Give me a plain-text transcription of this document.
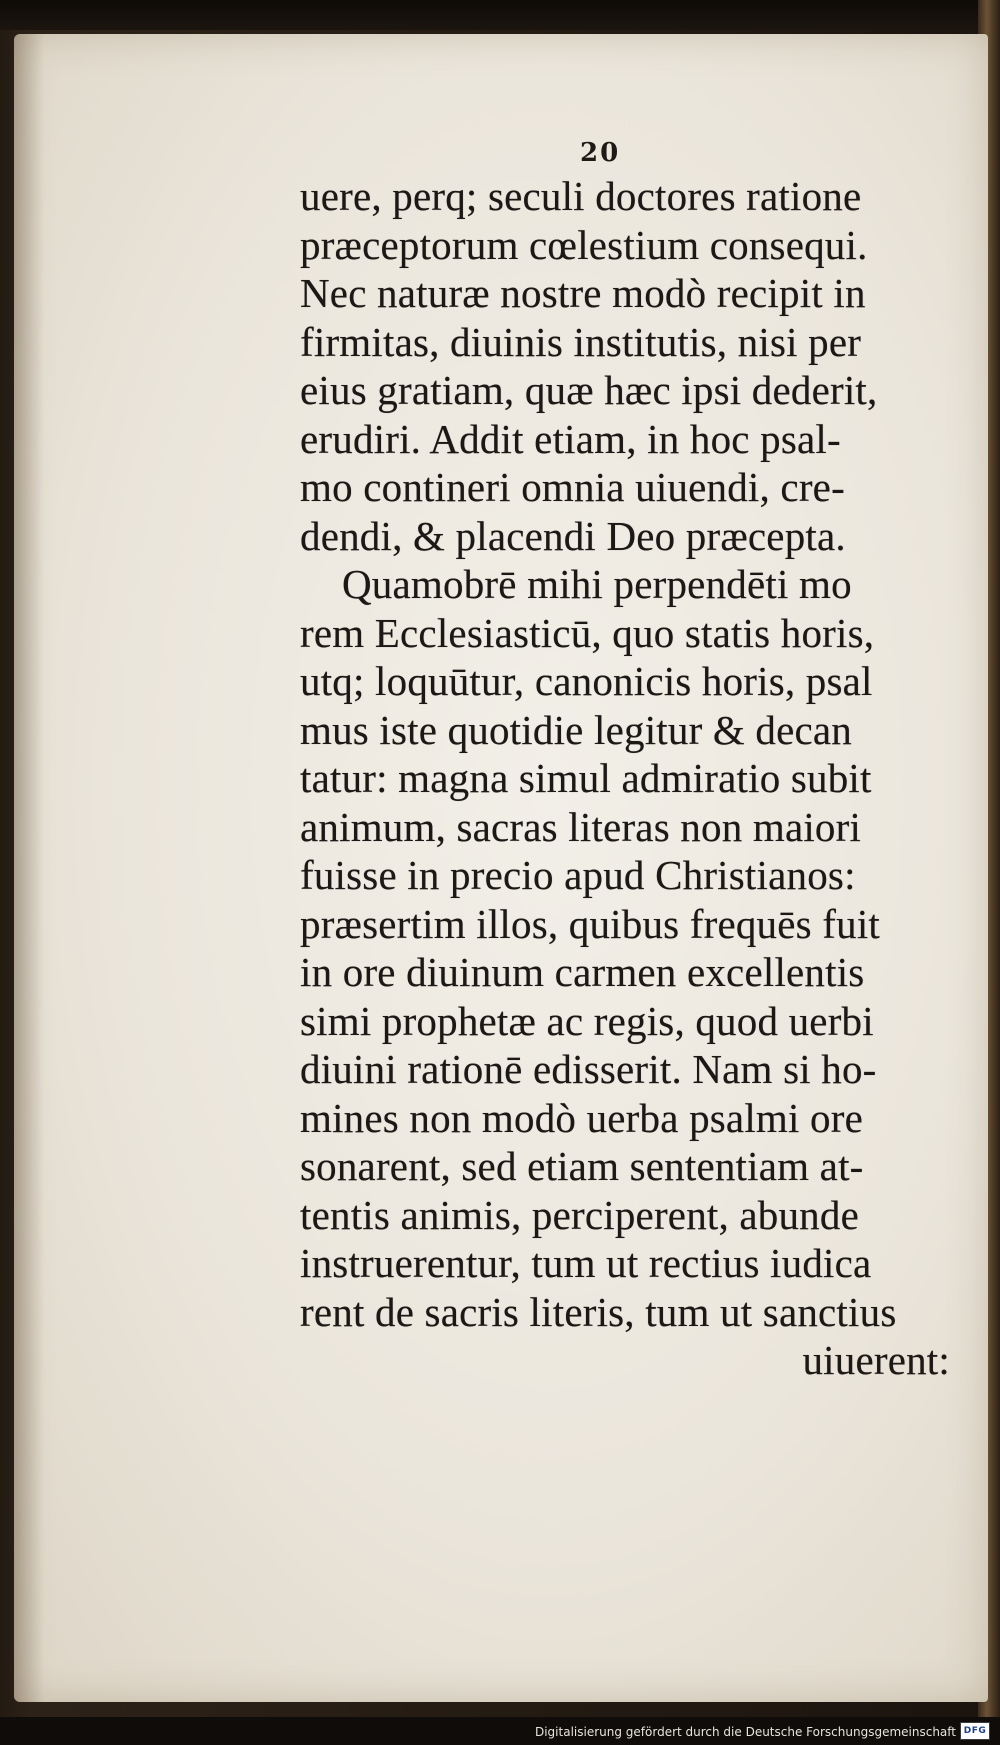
20
uere, perq; seculi doctores ratione
præceptorum cœlestium consequi.
Nec naturæ nostre modò recipit in
firmitas, diuinis institutis, nisi per
eius gratiam, quæ hæc ipsi dederit,
erudiri. Addit etiam, in hoc psal-
mo contineri omnia uiuendi, cre-
dendi, & placendi Deo præcepta.
Quamobrē mihi perpendēti mo
rem Ecclesiasticū, quo statis horis,
utq; loquūtur, canonicis horis, psal
mus iste quotidie legitur & decan
tatur: magna simul admiratio subit
animum, sacras literas non maiori
fuisse in precio apud Christianos:
præsertim illos, quibus frequēs fuit
in ore diuinum carmen excellentis
simi prophetæ ac regis, quod uerbi
diuini rationē edisserit. Nam si ho-
mines non modò uerba psalmi ore
sonarent, sed etiam sententiam at-
tentis animis, perciperent, abunde
instruerentur, tum ut rectius iudica
rent de sacris literis, tum ut sanctius
uiuerent:
Digitalisierung gefördert durch die Deutsche Forschungsgemeinschaft DFG
